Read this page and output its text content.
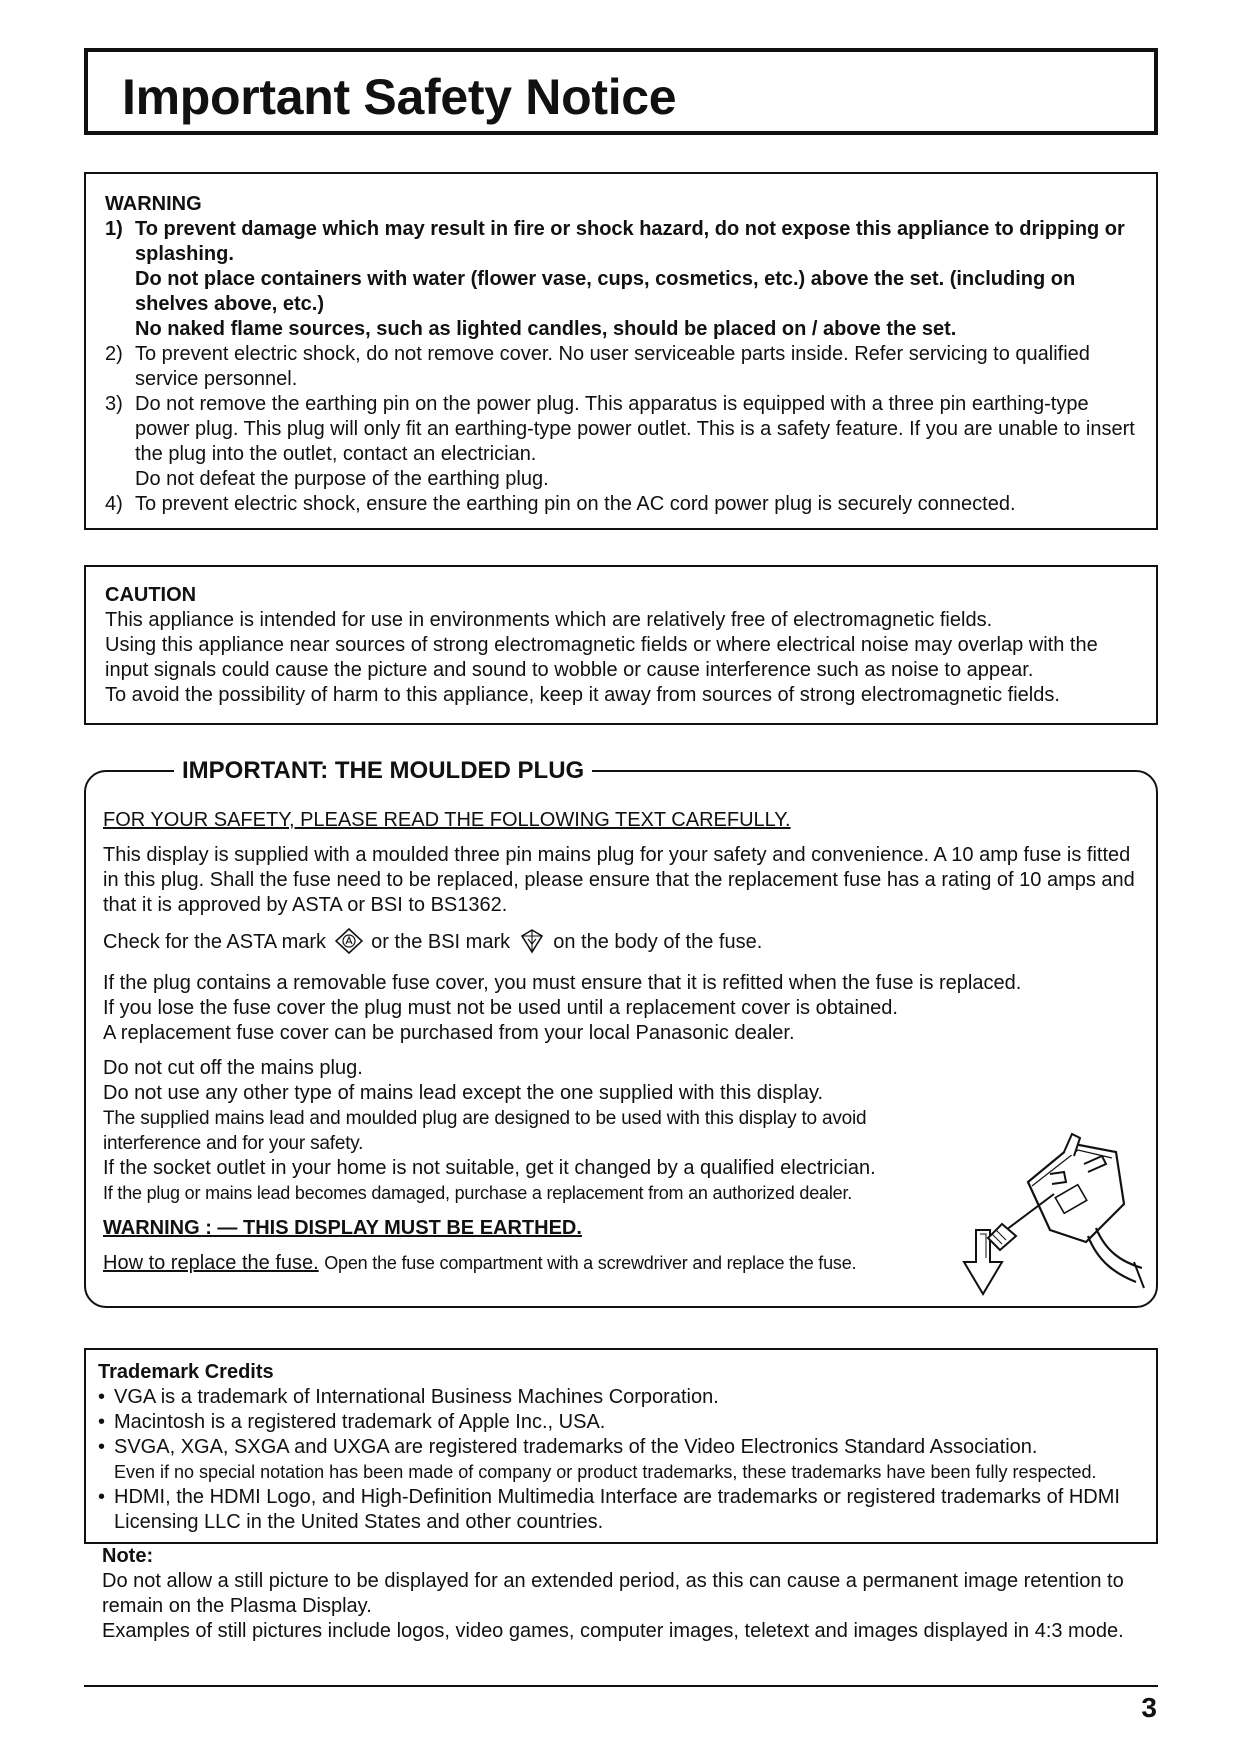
Important Safety Notice
WARNING
1) To prevent damage which may result in fire or shock hazard, do not expose this appliance to dripping or splashing.
Do not place containers with water (flower vase, cups, cosmetics, etc.) above the set. (including on shelves above, etc.)
No naked flame sources, such as lighted candles, should be placed on / above the set.
2) To prevent electric shock, do not remove cover. No user serviceable parts inside. Refer servicing to qualified service personnel.
3) Do not remove the earthing pin on the power plug. This apparatus is equipped with a three pin earthing-type power plug. This plug will only fit an earthing-type power outlet. This is a safety feature. If you are unable to insert the plug into the outlet, contact an electrician.
Do not defeat the purpose of the earthing plug.
4) To prevent electric shock, ensure the earthing pin on the AC cord power plug is securely connected.
CAUTION
This appliance is intended for use in environments which are relatively free of electromagnetic fields.
Using this appliance near sources of strong electromagnetic fields or where electrical noise may overlap with the input signals could cause the picture and sound to wobble or cause interference such as noise to appear.
To avoid the possibility of harm to this appliance, keep it away from sources of strong electromagnetic fields.
IMPORTANT: THE MOULDED PLUG

FOR YOUR SAFETY, PLEASE READ THE FOLLOWING TEXT CAREFULLY.

This display is supplied with a moulded three pin mains plug for your safety and convenience. A 10 amp fuse is fitted in this plug. Shall the fuse need to be replaced, please ensure that the replacement fuse has a rating of 10 amps and that it is approved by ASTA or BSI to BS1362.

Check for the ASTA mark or the BSI mark on the body of the fuse.

If the plug contains a removable fuse cover, you must ensure that it is refitted when the fuse is replaced.
If you lose the fuse cover the plug must not be used until a replacement cover is obtained.
A replacement fuse cover can be purchased from your local Panasonic dealer.

Do not cut off the mains plug.
Do not use any other type of mains lead except the one supplied with this display.
The supplied mains lead and moulded plug are designed to be used with this display to avoid interference and for your safety.
If the socket outlet in your home is not suitable, get it changed by a qualified electrician.
If the plug or mains lead becomes damaged, purchase a replacement from an authorized dealer.

WARNING : — THIS DISPLAY MUST BE EARTHED.

How to replace the fuse. Open the fuse compartment with a screwdriver and replace the fuse.

Trademark Credits
• VGA is a trademark of International Business Machines Corporation.
• Macintosh is a registered trademark of Apple Inc., USA.
• SVGA, XGA, SXGA and UXGA are registered trademarks of the Video Electronics Standard Association.
Even if no special notation has been made of company or product trademarks, these trademarks have been fully respected.
• HDMI, the HDMI Logo, and High-Definition Multimedia Interface are trademarks or registered trademarks of HDMI Licensing LLC in the United States and other countries.
Note:
Do not allow a still picture to be displayed for an extended period, as this can cause a permanent image retention to remain on the Plasma Display.
Examples of still pictures include logos, video games, computer images, teletext and images displayed in 4:3 mode.
3
